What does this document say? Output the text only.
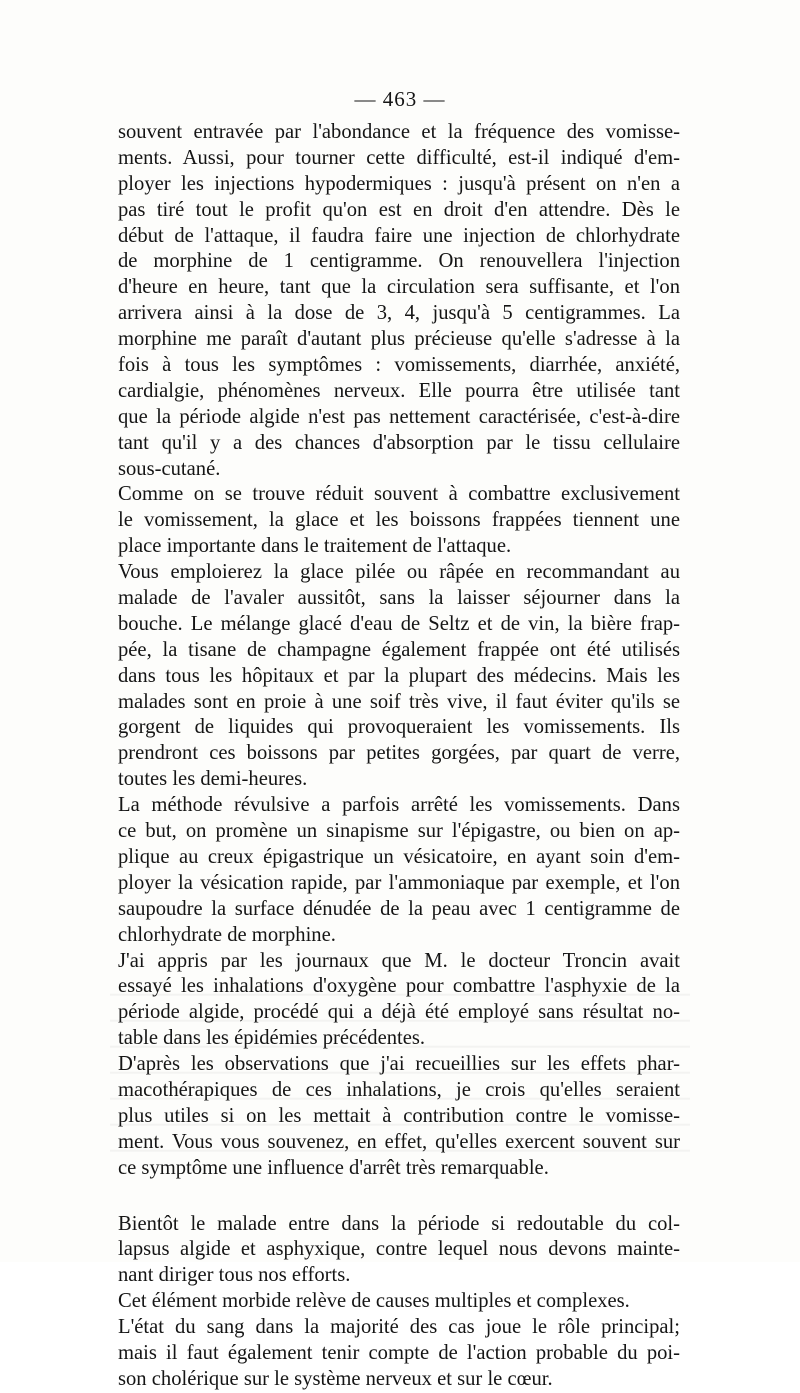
— 463 —
souvent entravée par l'abondance et la fréquence des vomisse-
ments. Aussi, pour tourner cette difficulté, est-il indiqué d'em-
ployer les injections hypodermiques : jusqu'à présent on n'en a
pas tiré tout le profit qu'on est en droit d'en attendre. Dès le
début de l'attaque, il faudra faire une injection de chlorhydrate
de morphine de 1 centigramme. On renouvellera l'injection
d'heure en heure, tant que la circulation sera suffisante, et l'on
arrivera ainsi à la dose de 3, 4, jusqu'à 5 centigrammes. La
morphine me paraît d'autant plus précieuse qu'elle s'adresse à la
fois à tous les symptômes : vomissements, diarrhée, anxiété,
cardialgie, phénomènes nerveux. Elle pourra être utilisée tant
que la période algide n'est pas nettement caractérisée, c'est-à-dire
tant qu'il y a des chances d'absorption par le tissu cellulaire
sous-cutané.
Comme on se trouve réduit souvent à combattre exclusivement
le vomissement, la glace et les boissons frappées tiennent une
place importante dans le traitement de l'attaque.
Vous emploierez la glace pilée ou râpée en recommandant au
malade de l'avaler aussitôt, sans la laisser séjourner dans la
bouche. Le mélange glacé d'eau de Seltz et de vin, la bière frap-
pée, la tisane de champagne également frappée ont été utilisés
dans tous les hôpitaux et par la plupart des médecins. Mais les
malades sont en proie à une soif très vive, il faut éviter qu'ils se
gorgent de liquides qui provoqueraient les vomissements. Ils
prendront ces boissons par petites gorgées, par quart de verre,
toutes les demi-heures.
La méthode révulsive a parfois arrêté les vomissements. Dans
ce but, on promène un sinapisme sur l'épigastre, ou bien on ap-
plique au creux épigastrique un vésicatoire, en ayant soin d'em-
ployer la vésication rapide, par l'ammoniaque par exemple, et l'on
saupoudre la surface dénudée de la peau avec 1 centigramme de
chlorhydrate de morphine.
J'ai appris par les journaux que M. le docteur Troncin avait
essayé les inhalations d'oxygène pour combattre l'asphyxie de la
période algide, procédé qui a déjà été employé sans résultat no-
table dans les épidémies précédentes.
D'après les observations que j'ai recueillies sur les effets phar-
macothérapiques de ces inhalations, je crois qu'elles seraient
plus utiles si on les mettait à contribution contre le vomisse-
ment. Vous vous souvenez, en effet, qu'elles exercent souvent sur
ce symptôme une influence d'arrêt très remarquable.
Bientôt le malade entre dans la période si redoutable du col-
lapsus algide et asphyxique, contre lequel nous devons mainte-
nant diriger tous nos efforts.
Cet élément morbide relève de causes multiples et complexes.
L'état du sang dans la majorité des cas joue le rôle principal;
mais il faut également tenir compte de l'action probable du poi-
son cholérique sur le système nerveux et sur le cœur.
